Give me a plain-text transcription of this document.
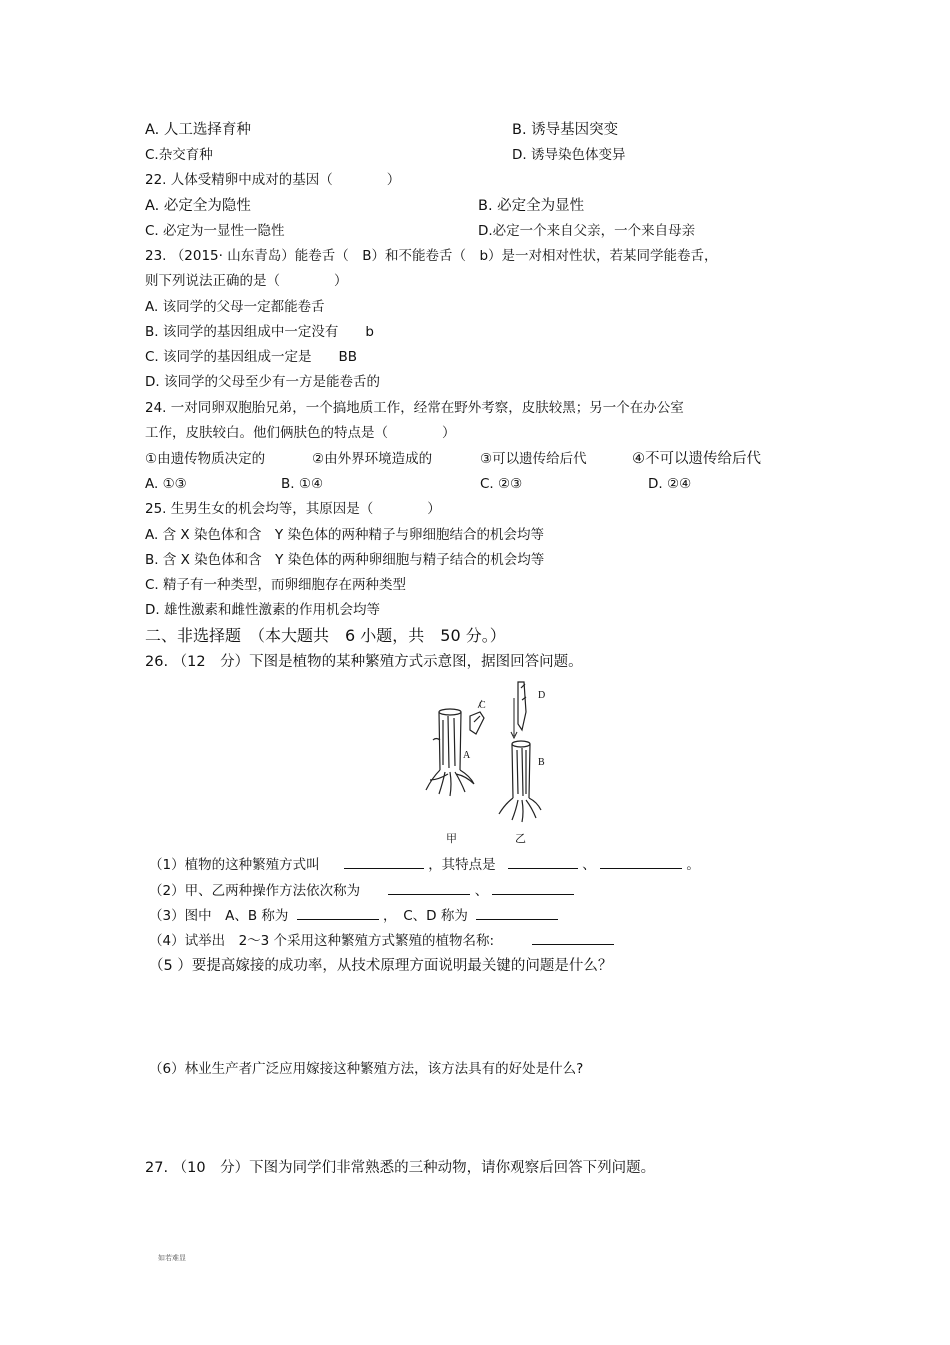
A. 人工选择育种	B. 诱导基因突变
C.杂交育种	D. 诱导染色体变异
22. 人体受精卵中成对的基因（　　　　）
A. 必定全为隐性	B. 必定全为显性
C. 必定为一显性一隐性	D.必定一个来自父亲，一个来自母亲
23. （2015· 山东青岛）能卷舌（　B）和不能卷舌（　b）是一对相对性状，若某同学能卷舌，
则下列说法正确的是（　　　　）
A. 该同学的父母一定都能卷舌
B. 该同学的基因组成中一定没有　　b
C. 该同学的基因组成一定是　　BB
D. 该同学的父母至少有一方是能卷舌的
24. 一对同卵双胞胎兄弟，一个搞地质工作，经常在野外考察，皮肤较黑；另一个在办公室
工作，皮肤较白。他们俩肤色的特点是（　　　　）
①由遗传物质决定的	②由外界环境造成的	③可以遗传给后代	④不可以遗传给后代
A. ①③	B. ①④	C. ②③	D. ②④
25. 生男生女的机会均等，其原因是（　　　　）
A. 含 X 染色体和含　Y 染色体的两种精子与卵细胞结合的机会均等
B. 含 X 染色体和含　Y 染色体的两种卵细胞与精子结合的机会均等
C. 精子有一种类型，而卵细胞存在两种类型
D. 雄性激素和雌性激素的作用机会均等
二、非选择题　（本大题共　6 小题，共　50 分。）
26. （12　分）下图是植物的某种繁殖方式示意图，据图回答问题。
C
A
D
B
甲	乙
（1）植物的这种繁殖方式叫	，其特点是	、	。
（2）甲、乙两种操作方法依次称为	、
（3）图中　A、B 称为	，　C、D 称为
（4）试举出　2～3 个采用这种繁殖方式繁殖的植物名称:
（5 ）要提高嫁接的成功率，从技术原理方面说明最关键的问题是什么？
（6）林业生产者广泛应用嫁接这种繁殖方法，该方法具有的好处是什么?
27. （10　分）下图为同学们非常熟悉的三种动物，请你观察后回答下列问题。
如若难显
